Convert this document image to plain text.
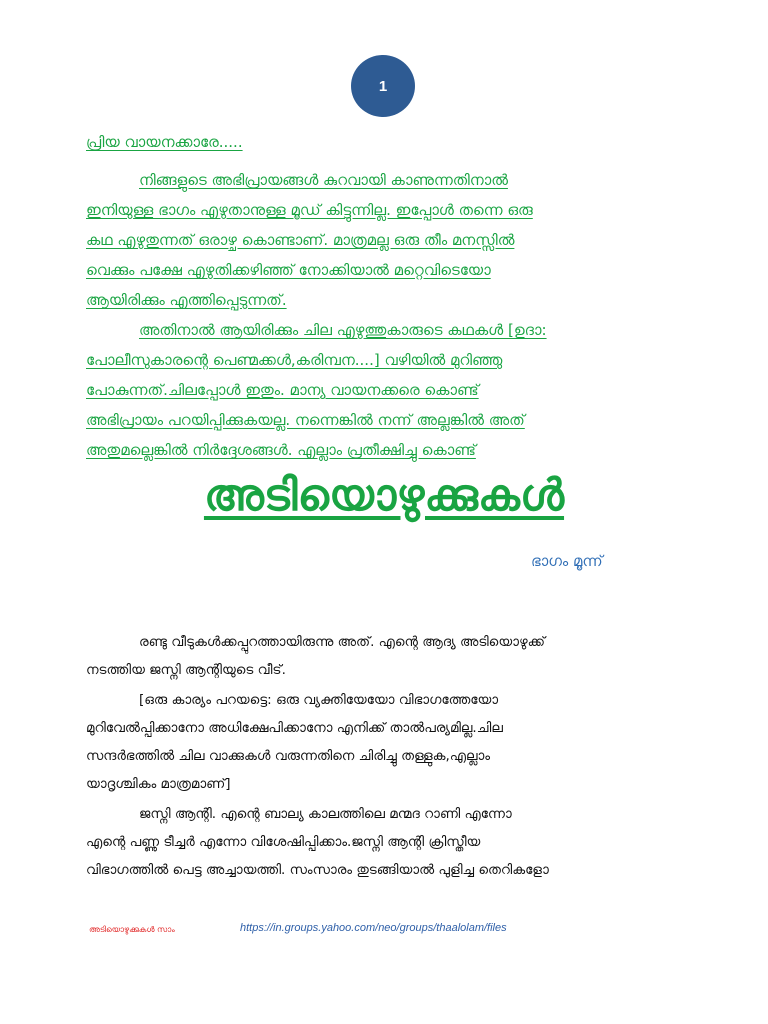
1
പ്രിയ വായനക്കാരേ.....
നിങ്ങളുടെ അഭിപ്രായങ്ങൾ കുറവായി കാണുന്നതിനാൽ
ഇനിയുള്ള ഭാഗം എഴുതാനുള്ള മൂഡ് കിട്ടുന്നില്ല. ഇപ്പോൾ തന്നെ ഒരു
കഥ എഴുതുന്നത് ഒരാഴ്ച കൊണ്ടാണ്. മാത്രമല്ല ഒരു തീം മനസ്സിൽ
വെക്കും പക്ഷേ എഴുതിക്കഴിഞ്ഞ് നോക്കിയാൽ മറ്റെവിടെയോ
ആയിരിക്കും എത്തിപ്പെടുന്നത്.
അതിനാൽ ആയിരിക്കും ചില എഴുത്തുകാരുടെ കഥകൾ [ഉദാ:
പോലീസുകാരന്റെ പെണ്മക്കൾ,കരിമ്പന....] വഴിയിൽ മുറിഞ്ഞു
പോകുന്നത്.ചിലപ്പോൾ ഇതും. മാന്യ വായനക്കരെ കൊണ്ട്
അഭിപ്രായം പറയിപ്പിക്കുകയല്ല. നന്നെങ്കിൽ നന്ന് അല്ലങ്കിൽ അത്
അതുമല്ലെങ്കിൽ നിർദ്ദേശങ്ങൾ. എല്ലാം പ്രതീക്ഷിച്ചു കൊണ്ട്
അടിയൊഴുക്കുകൾ
ഭാഗം മൂന്ന്
രണ്ടു വീടുകൾക്കപ്പുറത്തായിരുന്നു അത്. എന്റെ ആദ്യ അടിയൊഴുക്ക്
നടത്തിയ ജസ്നി ആന്റിയുടെ വീട്.
[ഒരു കാര്യം പറയട്ടെ: ഒരു വ്യക്തിയേയോ വിഭാഗത്തേയോ
മുറിവേൽപ്പിക്കാനോ അധിക്ഷേപിക്കാനോ എനിക്ക് താൽപര്യമില്ല.ചില
സന്ദർഭത്തിൽ ചില വാക്കുകൾ വരുന്നതിനെ ചിരിച്ചു തള്ളുക,എല്ലാം
യാദൃശ്ചികം മാത്രമാണ്]
ജസ്നി ആന്റി. എന്റെ ബാല്യ കാലത്തിലെ മന്മദ റാണി എന്നോ
എന്റെ പണ്ണു ടീച്ചർ എന്നോ വിശേഷിപ്പിക്കാം.ജസ്നി ആന്റി ക്രിസ്തീയ
വിഭാഗത്തിൽ പെട്ട അച്ചായത്തി. സംസാരം തുടങ്ങിയാൽ പുളിച്ച തെറികളോ
അടിയൊഴുക്കുകൾ സാം	https://in.groups.yahoo.com/neo/groups/thaalolam/files
